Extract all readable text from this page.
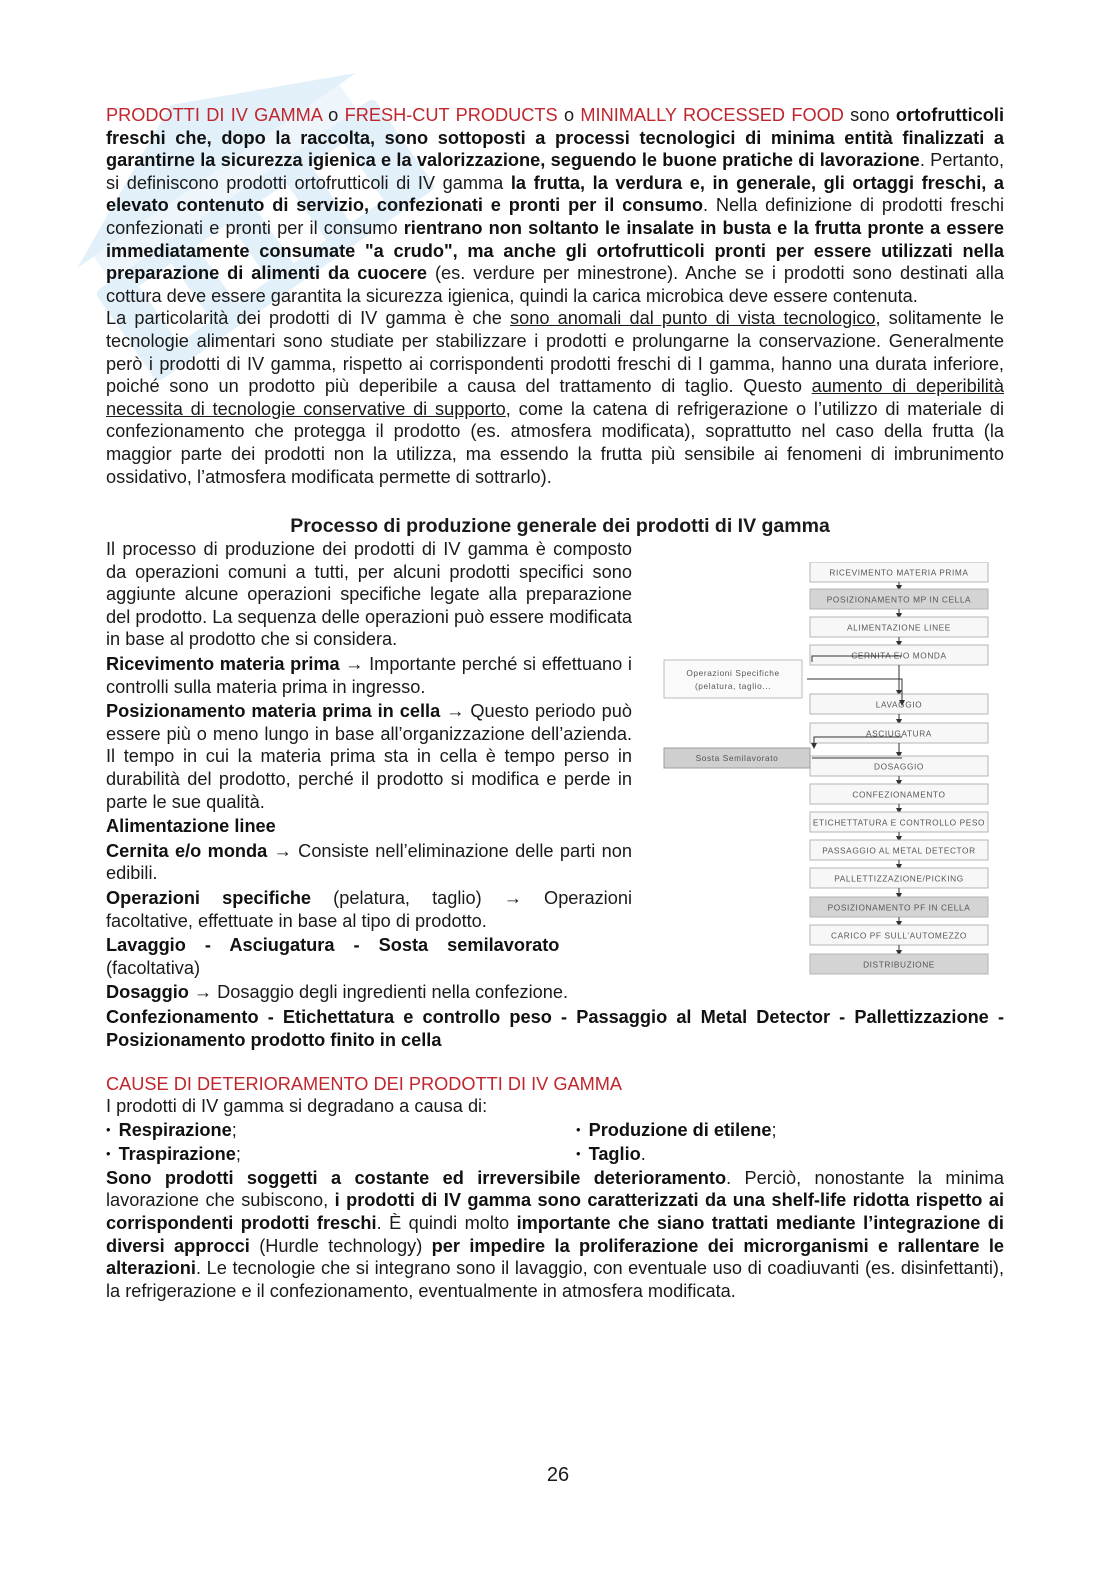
PRODOTTI DI IV GAMMA o FRESH-CUT PRODUCTS o MINIMALLY ROCESSED FOOD sono ortofrutticoli freschi che, dopo la raccolta, sono sottoposti a processi tecnologici di minima entità finalizzati a garantirne la sicurezza igienica e la valorizzazione, seguendo le buone pratiche di lavorazione. Pertanto, si definiscono prodotti ortofrutticoli di IV gamma la frutta, la verdura e, in generale, gli ortaggi freschi, a elevato contenuto di servizio, confezionati e pronti per il consumo. Nella definizione di prodotti freschi confezionati e pronti per il consumo rientrano non soltanto le insalate in busta e la frutta pronte a essere immediatamente consumate "a crudo", ma anche gli ortofrutticoli pronti per essere utilizzati nella preparazione di alimenti da cuocere (es. verdure per minestrone). Anche se i prodotti sono destinati alla cottura deve essere garantita la sicurezza igienica, quindi la carica microbica deve essere contenuta.

La particolarità dei prodotti di IV gamma è che sono anomali dal punto di vista tecnologico, solitamente le tecnologie alimentari sono studiate per stabilizzare i prodotti e prolungarne la conservazione. Generalmente però i prodotti di IV gamma, rispetto ai corrispondenti prodotti freschi di I gamma, hanno una durata inferiore, poiché sono un prodotto più deperibile a causa del trattamento di taglio. Questo aumento di deperibilità necessita di tecnologie conservative di supporto, come la catena di refrigerazione o l’utilizzo di materiale di confezionamento che protegga il prodotto (es. atmosfera modificata), soprattutto nel caso della frutta (la maggior parte dei prodotti non la utilizza, ma essendo la frutta più sensibile ai fenomeni di imbrunimento ossidativo, l’atmosfera modificata permette di sottrarlo).

Processo di produzione generale dei prodotti di IV gamma

Il processo di produzione dei prodotti di IV gamma è composto da operazioni comuni a tutti, per alcuni prodotti specifici sono aggiunte alcune operazioni specifiche legate alla preparazione del prodotto. La sequenza delle operazioni può essere modificata in base al prodotto che si considera.

Ricevimento materia prima → Importante perché si effettuano i controlli sulla materia prima in ingresso.

Posizionamento materia prima in cella → Questo periodo può essere più o meno lungo in base all’organizzazione dell’azienda. Il tempo in cui la materia prima sta in cella è tempo perso in durabilità del prodotto, perché il prodotto si modifica e perde in parte le sue qualità.

Alimentazione linee

Cernita e/o monda → Consiste nell’eliminazione delle parti non edibili.

Operazioni specifiche (pelatura, taglio) → Operazioni facoltative, effettuate in base al tipo di prodotto.

Lavaggio - Asciugatura - Sosta semilavorato
(facoltativa)

RICEVIMENTO MATERIA PRIMA
POSIZIONAMENTO MP IN CELLA
ALIMENTAZIONE LINEE
CERNITA E/O MONDA
LAVAGGIO
ASCIUGATURA
DOSAGGIO
CONFEZIONAMENTO
ETICHETTATURA E CONTROLLO PESO
PASSAGGIO AL METAL DETECTOR
PALLETTIZZAZIONE/PICKING
POSIZIONAMENTO PF IN CELLA
CARICO PF SULL’AUTOMEZZO
DISTRIBUZIONE
Operazioni Specifiche
(pelatura, taglio...
Sosta Semilavorato

Dosaggio → Dosaggio degli ingredienti nella confezione.

Confezionamento - Etichettatura e controllo peso - Passaggio al Metal Detector - Pallettizzazione - Posizionamento prodotto finito in cella

CAUSE DI DETERIORAMENTO DEI PRODOTTI DI IV GAMMA

I prodotti di IV gamma si degradano a causa di:

• Respirazione;	• Produzione di etilene;
• Traspirazione;	• Taglio.

Sono prodotti soggetti a costante ed irreversibile deterioramento. Perciò, nonostante la minima lavorazione che subiscono, i prodotti di IV gamma sono caratterizzati da una shelf-life ridotta rispetto ai corrispondenti prodotti freschi. È quindi molto importante che siano trattati mediante l’integrazione di diversi approcci (Hurdle technology) per impedire la proliferazione dei microrganismi e rallentare le alterazioni. Le tecnologie che si integrano sono il lavaggio, con eventuale uso di coadiuvanti (es. disinfettanti), la refrigerazione e il confezionamento, eventualmente in atmosfera modificata.

26
